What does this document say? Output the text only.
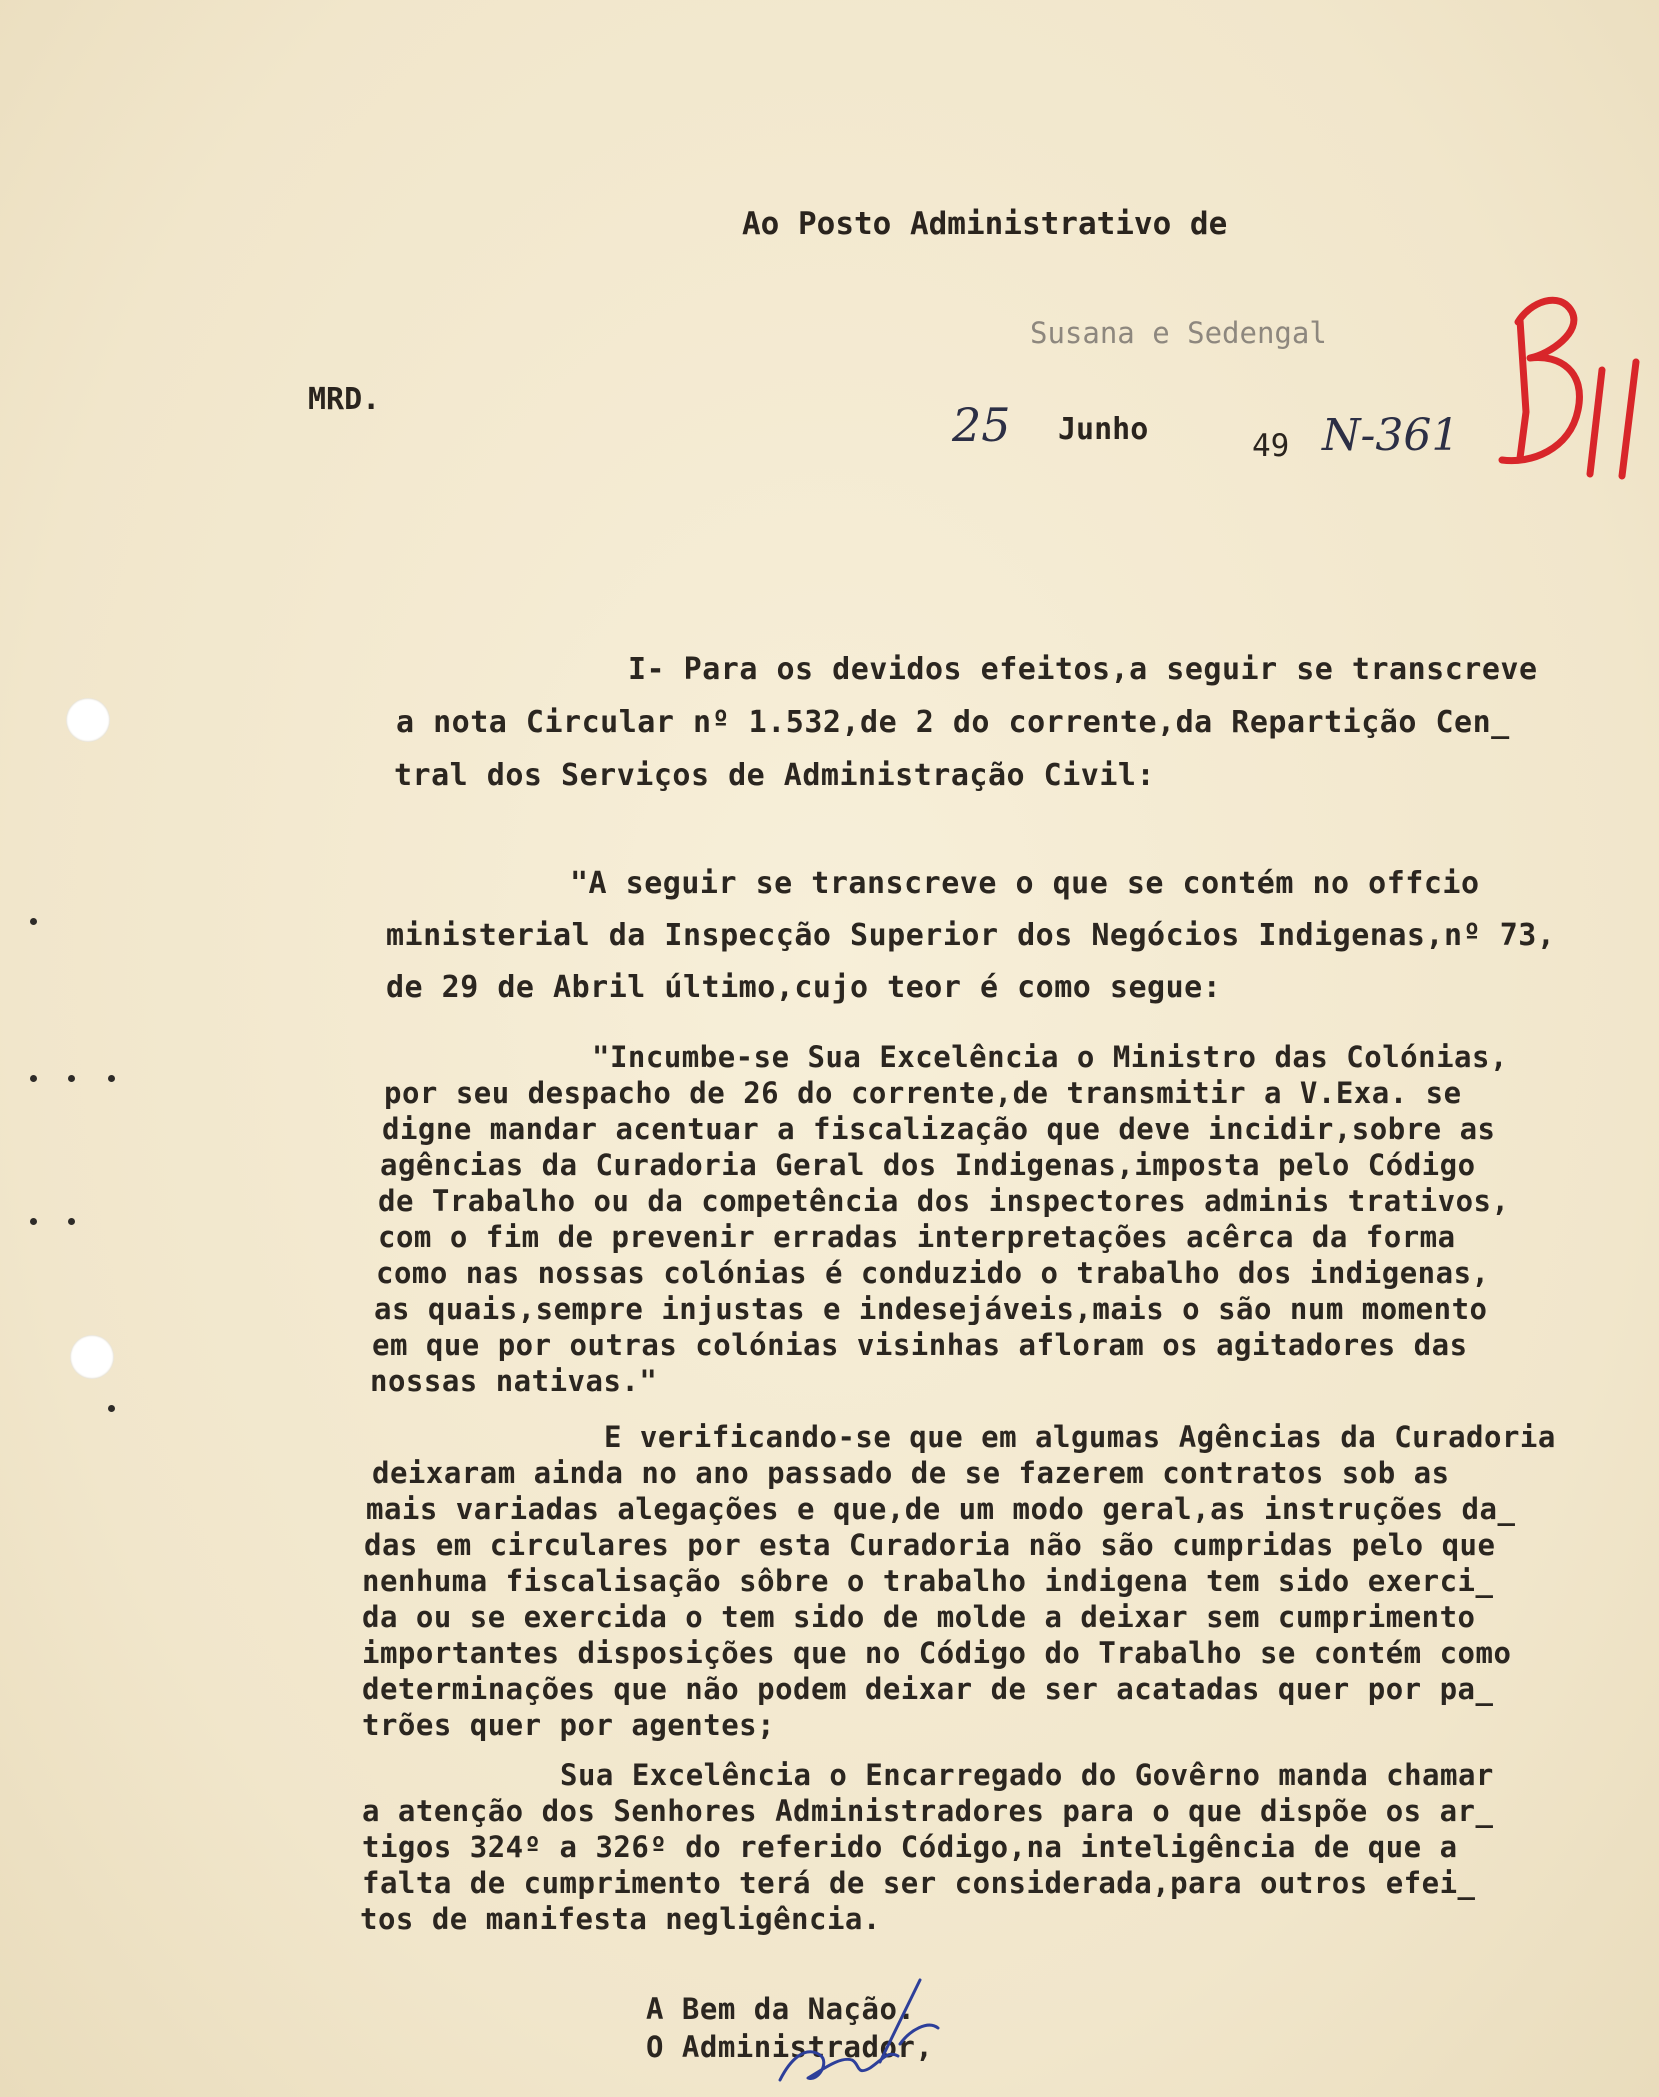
Ao Posto Administrativo de
Susana e Sedengal
MRD.	25 Junho	49 N-361
I- Para os devidos efeitos,a seguir se transcreve
a nota Circular nº 1.532,de 2 do corrente,da Repartição Cen_
tral dos Serviços de Administração Civil:
"A seguir se transcreve o que se contém no offcio
ministerial da Inspecção Superior dos Negócios Indigenas,nº 73,
de 29 de Abril último,cujo teor é como segue:
"Incumbe-se Sua Excelência o Ministro das Colónias,
por seu despacho de 26 do corrente,de transmitir a V.Exa. se
digne mandar acentuar a fiscalização que deve incidir,sobre as
agências da Curadoria Geral dos Indigenas,imposta pelo Código
de Trabalho ou da competência dos inspectores adminis trativos,
com o fim de prevenir erradas interpretações acêrca da forma
como nas nossas colónias é conduzido o trabalho dos indigenas,
as quais,sempre injustas e indesejáveis,mais o são num momento
em que por outras colónias visinhas afloram os agitadores das
nossas nativas."
E verificando-se que em algumas Agências da Curadoria
deixaram ainda no ano passado de se fazerem contratos sob as
mais variadas alegações e que,de um modo geral,as instruções da_
das em circulares por esta Curadoria não são cumpridas pelo que
nenhuma fiscalisação sôbre o trabalho indigena tem sido exerci_
da ou se exercida o tem sido de molde a deixar sem cumprimento
importantes disposições que no Código do Trabalho se contém como
determinações que não podem deixar de ser acatadas quer por pa_
trões quer por agentes;
Sua Excelência o Encarregado do Govêrno manda chamar
a atenção dos Senhores Administradores para o que dispõe os ar_
tigos 324º a 326º do referido Código,na inteligência de que a
falta de cumprimento terá de ser considerada,para outros efei_
tos de manifesta negligência.
A Bem da Nação.
O Administrador,
